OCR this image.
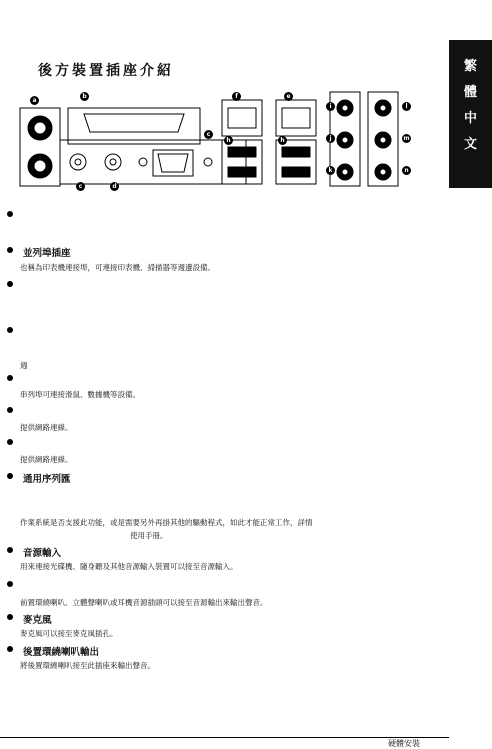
繁
體
中
文
後方裝置插座介紹
a
b
c
c	d
f	e
h	h
i
j
k
l
m
n
並列埠插座
也稱為印表機連接埠，可連接印表機、掃描器等週邊設備。
週
串列埠可連接滑鼠、數據機等設備。
提供網路連線。
提供網路連線。
通用序列匯
作業系統是否支援此功能，或是需要另外再掛其他的驅動程式，如此才能正常工作，詳情
使用手冊。
音源輸入
用來連接光碟機、隨身聽及其他音源輸入裝置可以接至音源輸入。
前置環繞喇叭、立體聲喇叭或耳機音源插頭可以接至音源輸出來輸出聲音。
麥克風
麥克風可以接至麥克風插孔。
後置環繞喇叭輸出
將後置環繞喇叭接至此插座來輸出聲音。
硬體安裝
